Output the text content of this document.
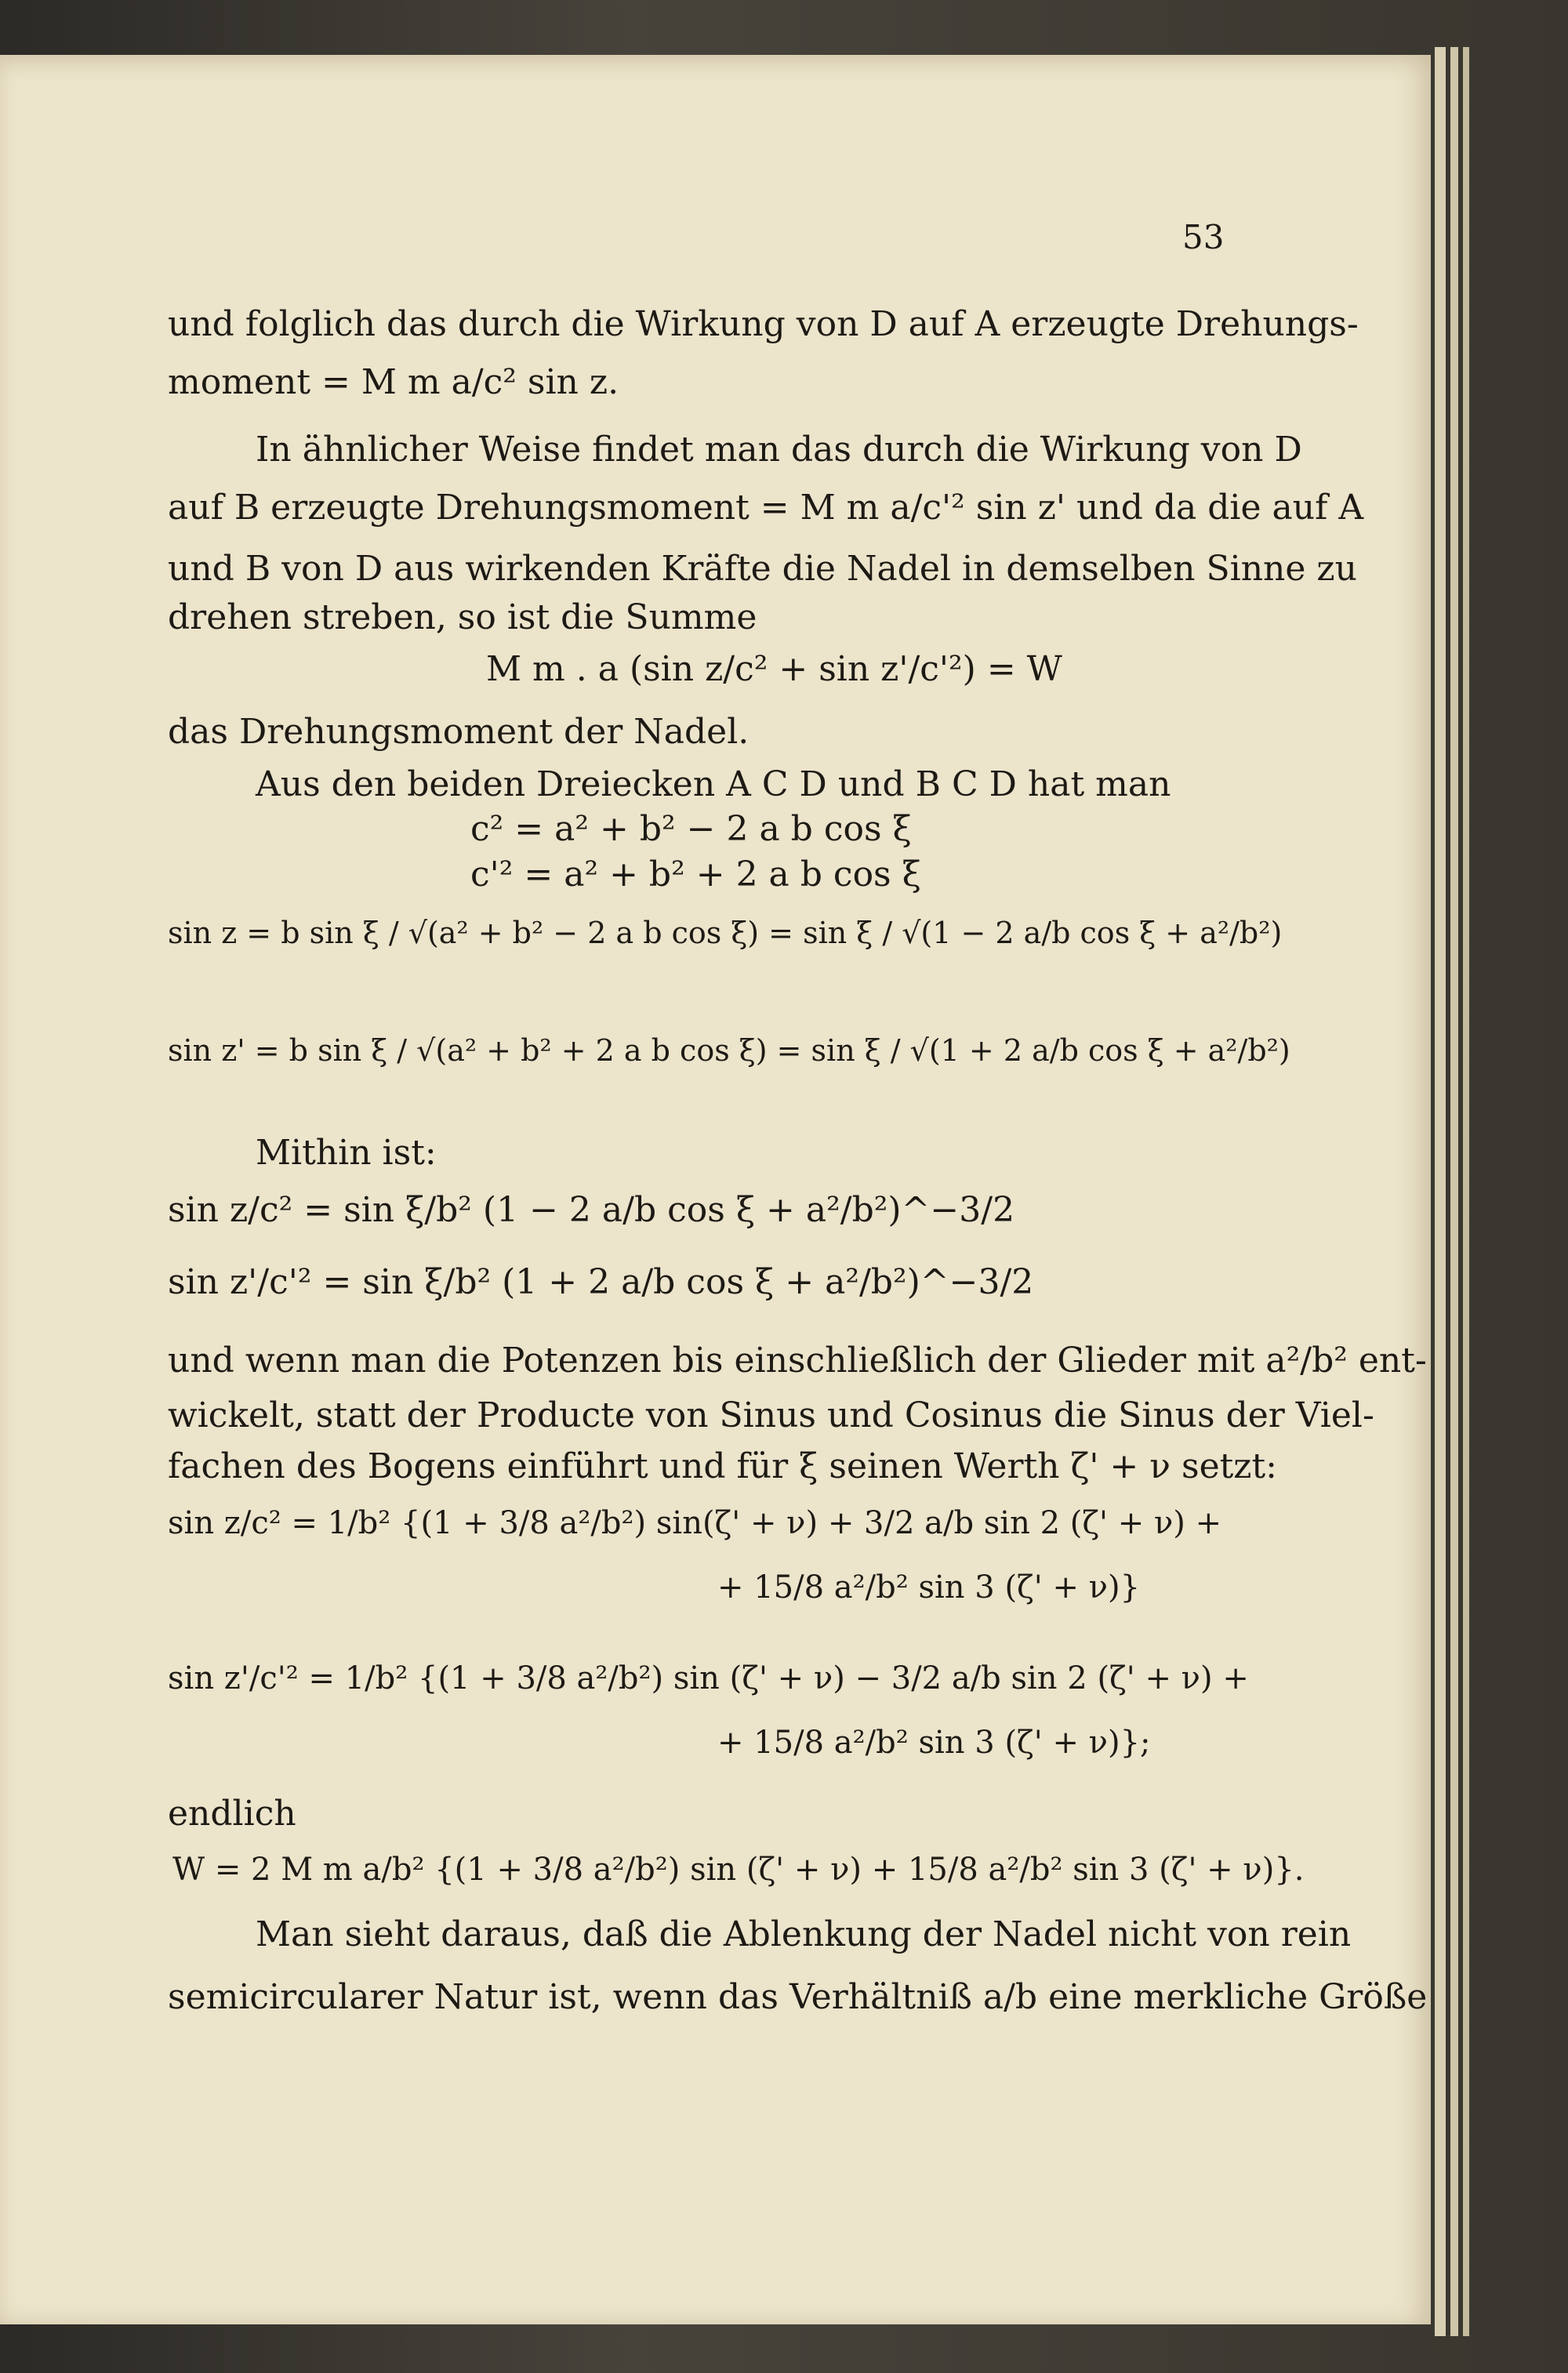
53
und folglich das durch die Wirkung von D auf A erzeugte Drehungs-
moment = M m a/c² sin z.
In ähnlicher Weise findet man das durch die Wirkung von D
auf B erzeugte Drehungsmoment = M m a/c'² sin z' und da die auf A
und B von D aus wirkenden Kräfte die Nadel in demselben Sinne zu
drehen streben, so ist die Summe
M m . a (sin z/c² + sin z'/c'²) = W
das Drehungsmoment der Nadel.
Aus den beiden Dreiecken A C D und B C D hat man
c² = a² + b² − 2 a b cos ξ
c'² = a² + b² + 2 a b cos ξ
sin z = b sin ξ / √(a² + b² − 2 a b cos ξ) = sin ξ / √(1 − 2 a/b cos ξ + a²/b²)
sin z' = b sin ξ / √(a² + b² + 2 a b cos ξ) = sin ξ / √(1 + 2 a/b cos ξ + a²/b²)
Mithin ist:
sin z/c² = sin ξ/b² (1 − 2 a/b cos ξ + a²/b²)^−3/2
sin z'/c'² = sin ξ/b² (1 + 2 a/b cos ξ + a²/b²)^−3/2
und wenn man die Potenzen bis einschließlich der Glieder mit a²/b² ent-
wickelt, statt der Producte von Sinus und Cosinus die Sinus der Viel-
fachen des Bogens einführt und für ξ seinen Werth ζ' + ν setzt:
sin z/c² = 1/b² {(1 + 3/8 a²/b²) sin(ζ' + ν) + 3/2 a/b sin 2 (ζ' + ν) +
+ 15/8 a²/b² sin 3 (ζ' + ν)}
sin z'/c'² = 1/b² {(1 + 3/8 a²/b²) sin (ζ' + ν) − 3/2 a/b sin 2 (ζ' + ν) +
+ 15/8 a²/b² sin 3 (ζ' + ν)};
endlich
W = 2 M m a/b² {(1 + 3/8 a²/b²) sin (ζ' + ν) + 15/8 a²/b² sin 3 (ζ' + ν)}.
Man sieht daraus, daß die Ablenkung der Nadel nicht von rein
semicircularer Natur ist, wenn das Verhältniß a/b eine merkliche Größe
